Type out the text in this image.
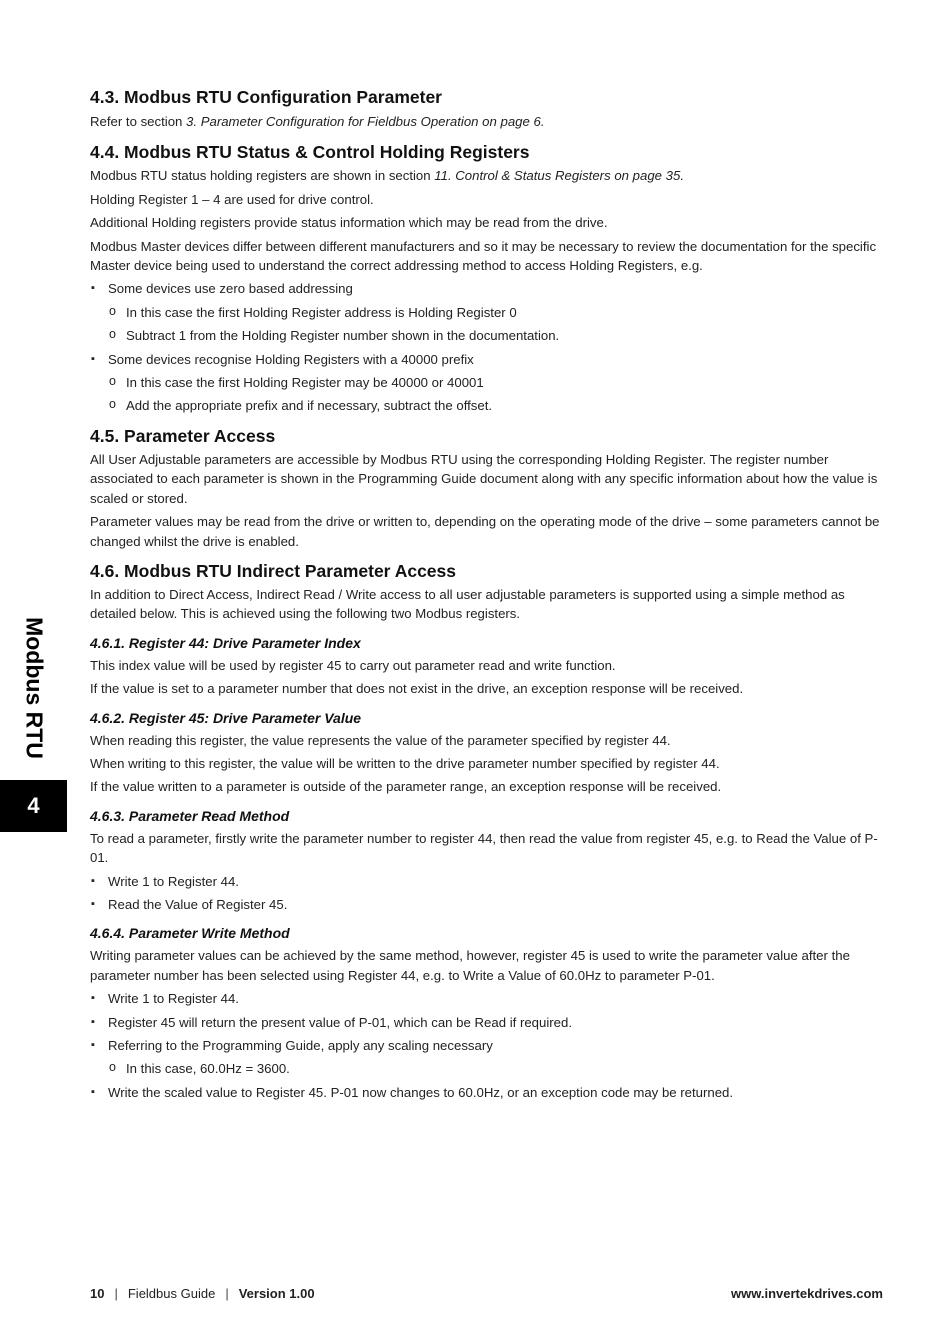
Modbus RTU
4
4.3. Modbus RTU Configuration Parameter

Refer to section 3. Parameter Configuration for Fieldbus Operation on page 6.

4.4. Modbus RTU Status & Control Holding Registers

Modbus RTU status holding registers are shown in section 11. Control & Status Registers on page 35.

Holding Register 1 – 4 are used for drive control.

Additional Holding registers provide status information which may be read from the drive.

Modbus Master devices differ between different manufacturers and so it may be necessary to review the documentation for the specific Master device being used to understand the correct addressing method to access Holding Registers, e.g.

▪ Some devices use zero based addressing
o In this case the first Holding Register address is Holding Register 0
o Subtract 1 from the Holding Register number shown in the documentation.
▪ Some devices recognise Holding Registers with a 40000 prefix
o In this case the first Holding Register may be 40000 or 40001
o Add the appropriate prefix and if necessary, subtract the offset.
4.5. Parameter Access

All User Adjustable parameters are accessible by Modbus RTU using the corresponding Holding Register. The register number associated to each parameter is shown in the Programming Guide document along with any specific information about how the value is scaled or stored.

Parameter values may be read from the drive or written to, depending on the operating mode of the drive – some parameters cannot be changed whilst the drive is enabled.

4.6. Modbus RTU Indirect Parameter Access

In addition to Direct Access, Indirect Read / Write access to all user adjustable parameters is supported using a simple method as detailed below. This is achieved using the following two Modbus registers.

4.6.1. Register 44: Drive Parameter Index

This index value will be used by register 45 to carry out parameter read and write function.

If the value is set to a parameter number that does not exist in the drive, an exception response will be received.

4.6.2. Register 45: Drive Parameter Value

When reading this register, the value represents the value of the parameter specified by register 44.

When writing to this register, the value will be written to the drive parameter number specified by register 44.

If the value written to a parameter is outside of the parameter range, an exception response will be received.

4.6.3. Parameter Read Method

To read a parameter, firstly write the parameter number to register 44, then read the value from register 45, e.g. to Read the Value of P-01.

▪ Write 1 to Register 44.
▪ Read the Value of Register 45.
4.6.4. Parameter Write Method

Writing parameter values can be achieved by the same method, however, register 45 is used to write the parameter value after the parameter number has been selected using Register 44, e.g. to Write a Value of 60.0Hz to parameter P-01.

▪ Write 1 to Register 44.
▪ Register 45 will return the present value of P-01, which can be Read if required.
▪ Referring to the Programming Guide, apply any scaling necessary
o In this case, 60.0Hz = 3600.
▪ Write the scaled value to Register 45. P-01 now changes to 60.0Hz, or an exception code may be returned.
10 | Fieldbus Guide | Version 1.00	www.invertekdrives.com
